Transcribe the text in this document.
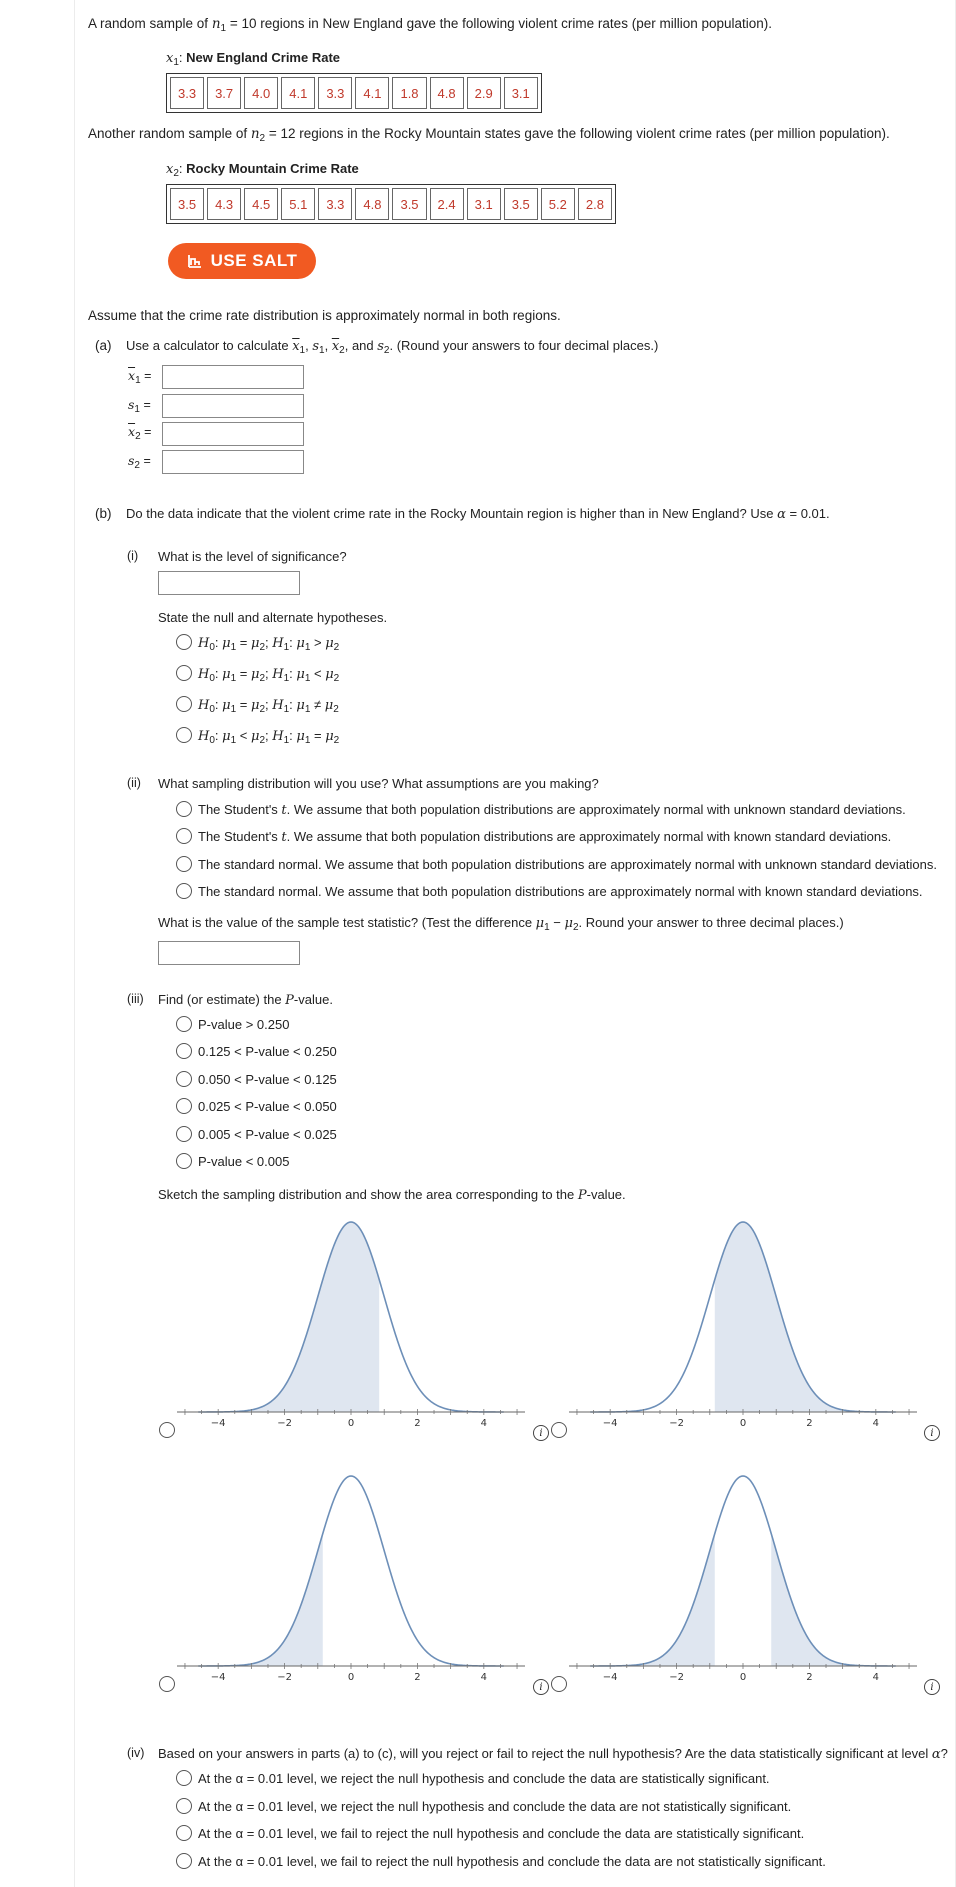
A random sample of $n_1 = 10$ regions in New England gave the following violent crime rates (per million population).
$x_1$: New England Crime Rate
3.3	3.7	4.0	4.1	3.3	4.1	1.8	4.8	2.9	3.1
Another random sample of $n_2 = 12$ regions in the Rocky Mountain states gave the following violent crime rates (per million population).
$x_2$: Rocky Mountain Crime Rate
3.5	4.3	4.5	5.1	3.3	4.8	3.5	2.4	3.1	3.5	5.2	2.8
USE SALT
Assume that the crime rate distribution is approximately normal in both regions.
(a) Use a calculator to calculate $\overline{x}_1$, $s_1$, $\overline{x}_2$, and $s_2$. (Round your answers to four decimal places.)
$\overline{x}_1$ =
$s_1$ =
$\overline{x}_2$ =
$s_2$ =
(b) Do the data indicate that the violent crime rate in the Rocky Mountain region is higher than in New England? Use α = 0.01.
(i) What is the level of significance?
State the null and alternate hypotheses.
$H_0$: $\mu_1 = \mu_2$; $H_1$: $\mu_1 > \mu_2$
$H_0$: $\mu_1 = \mu_2$; $H_1$: $\mu_1 < \mu_2$
$H_0$: $\mu_1 = \mu_2$; $H_1$: $\mu_1 \ne \mu_2$
$H_0$: $\mu_1 < \mu_2$; $H_1$: $\mu_1 = \mu_2$
(ii) What sampling distribution will you use? What assumptions are you making?
The Student's t. We assume that both population distributions are approximately normal with unknown standard deviations.
The Student's t. We assume that both population distributions are approximately normal with known standard deviations.
The standard normal. We assume that both population distributions are approximately normal with unknown standard deviations.
The standard normal. We assume that both population distributions are approximately normal with known standard deviations.
What is the value of the sample test statistic? (Test the difference $\mu_1 - \mu_2$. Round your answer to three decimal places.)
(iii) Find (or estimate) the P-value.
P-value > 0.250
0.125 < P-value < 0.250
0.050 < P-value < 0.125
0.025 < P-value < 0.050
0.005 < P-value < 0.025
P-value < 0.005
Sketch the sampling distribution and show the area corresponding to the P-value.
−4	−2	0	2	4
i
−4	−2	0	2	4
i
−4	−2	0	2	4
i
−4	−2	0	2	4
i
(iv) Based on your answers in parts (a) to (c), will you reject or fail to reject the null hypothesis? Are the data statistically significant at level α?
At the α = 0.01 level, we reject the null hypothesis and conclude the data are statistically significant.
At the α = 0.01 level, we reject the null hypothesis and conclude the data are not statistically significant.
At the α = 0.01 level, we fail to reject the null hypothesis and conclude the data are statistically significant.
At the α = 0.01 level, we fail to reject the null hypothesis and conclude the data are not statistically significant.
